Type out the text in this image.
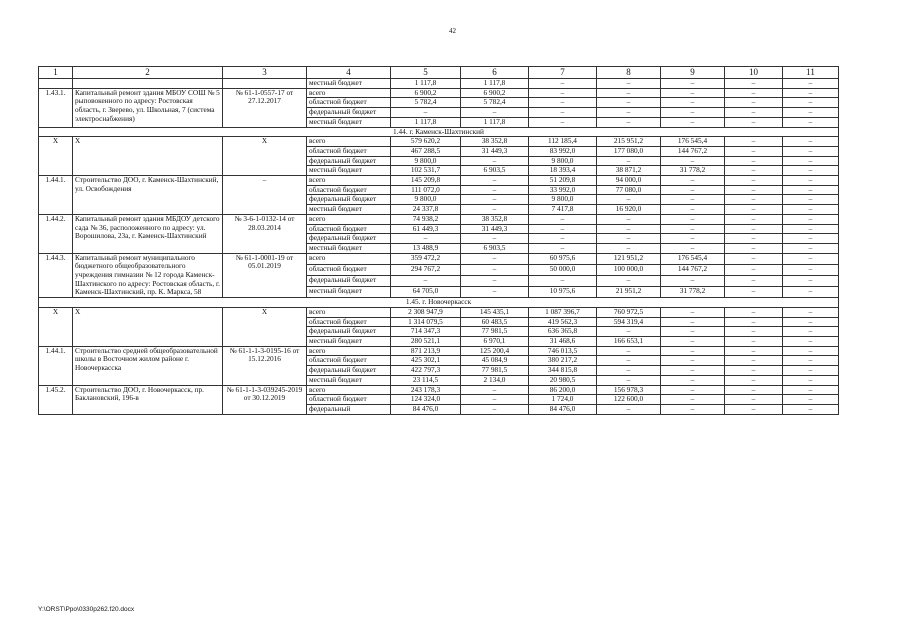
42
1	2	3	4	5	6	7	8	9	10	11
			местный бюджет	1 117,8	1 117,8	–	–	–	–	–
1.43.1.	Капитальный ремонт здания МБОУ СОШ № 5 рыповокенного по адресу: Ростовская область, г. Зверево, ул. Школьная, 7 (система электроснабжения)	№ 61-1-0557-17 от 27.12.2017	всего	6 900,2	6 900,2	–	–	–	–	–
			областной бюджет	5 782,4	5 782,4	–	–	–	–	–
			федеральный бюджет	–	–	–	–	–	–	–
			местный бюджет	1 117,8	1 117,8	–	–	–	–	–
1.44. г. Каменск-Шахтинский										
Х	Х	Х	всего	579 620,2	38 352,8	112 185,4	215 951,2	176 545,4	–	–
			областной бюджет	467 288,5	31 449,3	83 992,0	177 080,0	144 767,2	–	–
			федеральный бюджет	9 800,0	–	9 800,0	–	–	–	–
			местный бюджет	102 531,7	6 903,5	18 393,4	38 871,2	31 778,2	–	–
1.44.1.	Строительство ДОО, г. Каменск-Шахтинский, ул. Освобождения	–	всего	145 209,8	–	51 209,8	94 000,0	–	–	–
			областной бюджет	111 072,0	–	33 992,0	77 080,0	–	–	–
			федеральный бюджет	9 800,0	–	9 800,0	–	–	–	–
			местный бюджет	24 337,8	–	7 417,8	16 920,0	–	–	–
1.44.2.	Капитальный ремонт здания МБДОУ детского сада № 36, расположенного по адресу: ул. Ворошилова, 23а, г. Каменск-Шахтинский	№ 3-6-1-0132-14 от 28.03.2014	всего	74 938,2	38 352,8	–	–	–	–	–
			областной бюджет	61 449,3	31 449,3	–	–	–	–	–
			федеральный бюджет	–	–	–	–	–	–	–
			местный бюджет	13 488,9	6 903,5	–	–	–	–	–
1.44.3.	Капитальный ремонт муниципального бюджетного общеобразовательного учреждения гимназии № 12 города Каменск-Шахтинского по адресу: Ростовская область, г. Каменск-Шахтинский, пр. К. Маркса, 58	№ 61-1-0001-19 от 05.01.2019	всего	359 472,2	–	60 975,6	121 951,2	176 545,4	–	–
			областной бюджет	294 767,2	–	50 000,0	100 000,0	144 767,2	–	–
			федеральный бюджет	–	–	–	–	–	–	–
			местный бюджет	64 705,0	–	10 975,6	21 951,2	31 778,2	–	–
1.45. г. Новочеркасск										
Х	Х	Х	всего	2 308 947,9	145 435,1	1 087 396,7	760 972,5	–	–	–
			областной бюджет	1 314 079,5	60 483,5	419 562,3	594 319,4	–	–	–
			федеральный бюджет	714 347,3	77 981,5	636 365,8	–	–	–	–
			местный бюджет	280 521,1	6 970,1	31 468,6	166 653,1	–	–	–
1.44.1.	Строительство средней общеобразовательной школы в Восточном жилом районе г. Новочеркасска	№ 61-1-1-3-0195-16 от 15.12.2016	всего	871 213,9	125 200,4	746 013,5	–	–	–	–
			областной бюджет	425 302,1	45 084,9	380 217,2	–	–	–	–
			федеральный бюджет	422 797,3	77 981,5	344 815,8	–	–	–	–
			местный бюджет	23 114,5	2 134,0	20 980,5	–	–	–	–
1.45.2.	Строительство ДОО, г. Новочеркасск, пр. Баклановский, 196-в	№ 61-1-1-3-039245-2019 от 30.12.2019	всего	243 178,3	–	86 200,0	156 978,3	–	–	–
			областной бюджет	124 324,0	–	1 724,0	122 600,0	–	–	–
			федеральный	84 476,0	–	84 476,0	–	–	–	–
Y:\ORST\Ppo\0330p262.f20.docx
